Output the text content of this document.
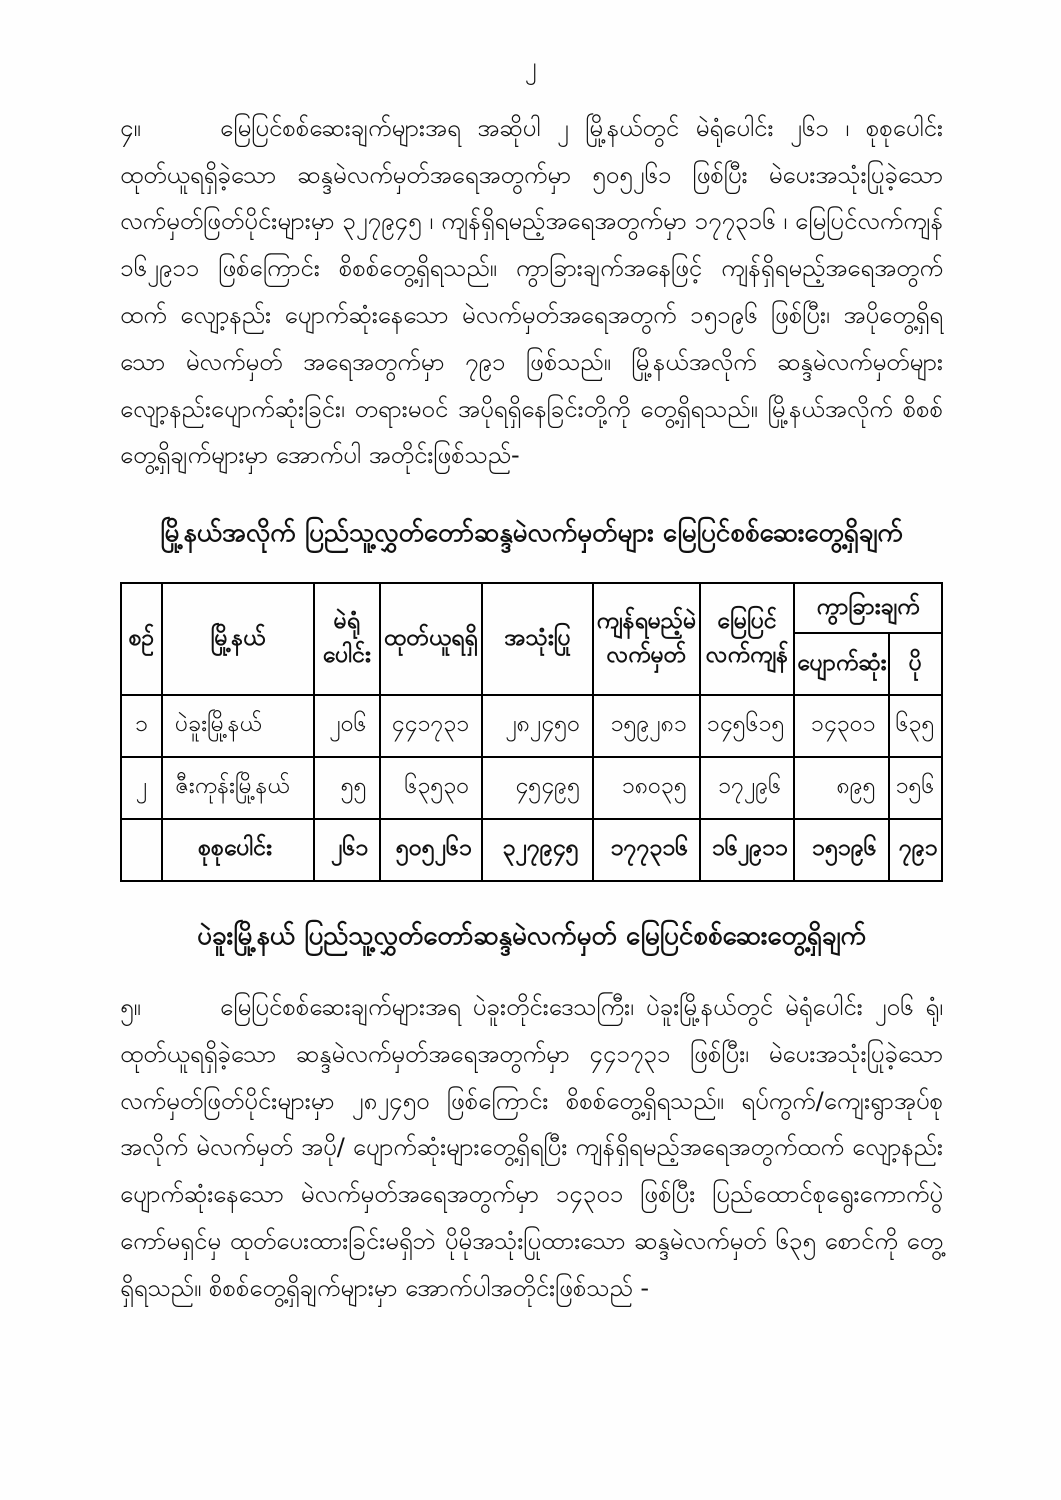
၂
၄။	မြေပြင်စစ်ဆေးချက်များအရ အဆိုပါ ၂ မြို့နယ်တွင် မဲရုံပေါင်း ၂၆၁ ၊ စုစုပေါင်း ထုတ်ယူရရှိခဲ့သော ဆန္ဒမဲလက်မှတ်အရေအတွက်မှာ ၅၀၅၂၆၁ ဖြစ်ပြီး မဲပေးအသုံးပြုခဲ့သော လက်မှတ်ဖြတ်ပိုင်းများမှာ ၃၂၇၉၄၅ ၊ ကျန်ရှိရမည့်အရေအတွက်မှာ ၁၇၇၃၁၆ ၊ မြေပြင်လက်ကျန် ၁၆၂၉၁၁ ဖြစ်ကြောင်း စိစစ်တွေ့ရှိရသည်။ ကွာခြားချက်အနေဖြင့် ကျန်ရှိရမည့်အရေအတွက်ထက် လျော့နည်း ပျောက်ဆုံးနေသော မဲလက်မှတ်အရေအတွက် ၁၅၁၉၆ ဖြစ်ပြီး၊ အပိုတွေ့ရှိရသော မဲလက်မှတ် အရေအတွက်မှာ ၇၉၁ ဖြစ်သည်။ မြို့နယ်အလိုက် ဆန္ဒမဲလက်မှတ်များ လျော့နည်းပျောက်ဆုံးခြင်း၊ တရားမဝင် အပိုရရှိနေခြင်းတို့ကို တွေ့ရှိရသည်။ မြို့နယ်အလိုက် စိစစ်တွေ့ရှိချက်များမှာ အောက်ပါ အတိုင်းဖြစ်သည်-
မြို့နယ်အလိုက် ပြည်သူ့လွှတ်တော်ဆန္ဒမဲလက်မှတ်များ မြေပြင်စစ်ဆေးတွေ့ရှိချက်
စဉ်	မြို့နယ်	မဲရုံပေါင်း	ထုတ်ယူရရှိ	အသုံးပြု	ကျန်ရမည့်မဲလက်မှတ်	မြေပြင်လက်ကျန်	ကွာခြားချက်	
							ပျောက်ဆုံး	ပို
၁	ပဲခူးမြို့နယ်	၂၀၆	၄၄၁၇၃၁	၂၈၂၄၅၀	၁၅၉၂၈၁	၁၄၅၆၁၅	၁၄၃၀၁	၆၃၅
၂	ဇီးကုန်းမြို့နယ်	၅၅	၆၃၅၃၀	၄၅၄၉၅	၁၈၀၃၅	၁၇၂၉၆	၈၉၅	၁၅၆
	စုစုပေါင်း	၂၆၁	၅၀၅၂၆၁	၃၂၇၉၄၅	၁၇၇၃၁၆	၁၆၂၉၁၁	၁၅၁၉၆	၇၉၁
ပဲခူးမြို့နယ် ပြည်သူ့လွှတ်တော်ဆန္ဒမဲလက်မှတ် မြေပြင်စစ်ဆေးတွေ့ရှိချက်
၅။	မြေပြင်စစ်ဆေးချက်များအရ ပဲခူးတိုင်းဒေသကြီး၊ ပဲခူးမြို့နယ်တွင် မဲရုံပေါင်း ၂၀၆ ရုံ၊ ထုတ်ယူရရှိခဲ့သော ဆန္ဒမဲလက်မှတ်အရေအတွက်မှာ ၄၄၁၇၃၁ ဖြစ်ပြီး၊ မဲပေးအသုံးပြုခဲ့သော လက်မှတ်ဖြတ်ပိုင်းများမှာ ၂၈၂၄၅၀ ဖြစ်ကြောင်း စိစစ်တွေ့ရှိရသည်။ ရပ်ကွက်/ကျေးရွာအုပ်စု အလိုက် မဲလက်မှတ် အပို/ ပျောက်ဆုံးများတွေ့ရှိရပြီး ကျန်ရှိရမည့်အရေအတွက်ထက် လျော့နည်း ပျောက်ဆုံးနေသော မဲလက်မှတ်အရေအတွက်မှာ ၁၄၃၀၁ ဖြစ်ပြီး ပြည်ထောင်စုရွေးကောက်ပွဲ ကော်မရှင်မှ ထုတ်ပေးထားခြင်းမရှိဘဲ ပိုမိုအသုံးပြုထားသော ဆန္ဒမဲလက်မှတ် ၆၃၅ စောင်ကို တွေ့ရှိရသည်။ စိစစ်တွေ့ရှိချက်များမှာ အောက်ပါအတိုင်းဖြစ်သည် -
